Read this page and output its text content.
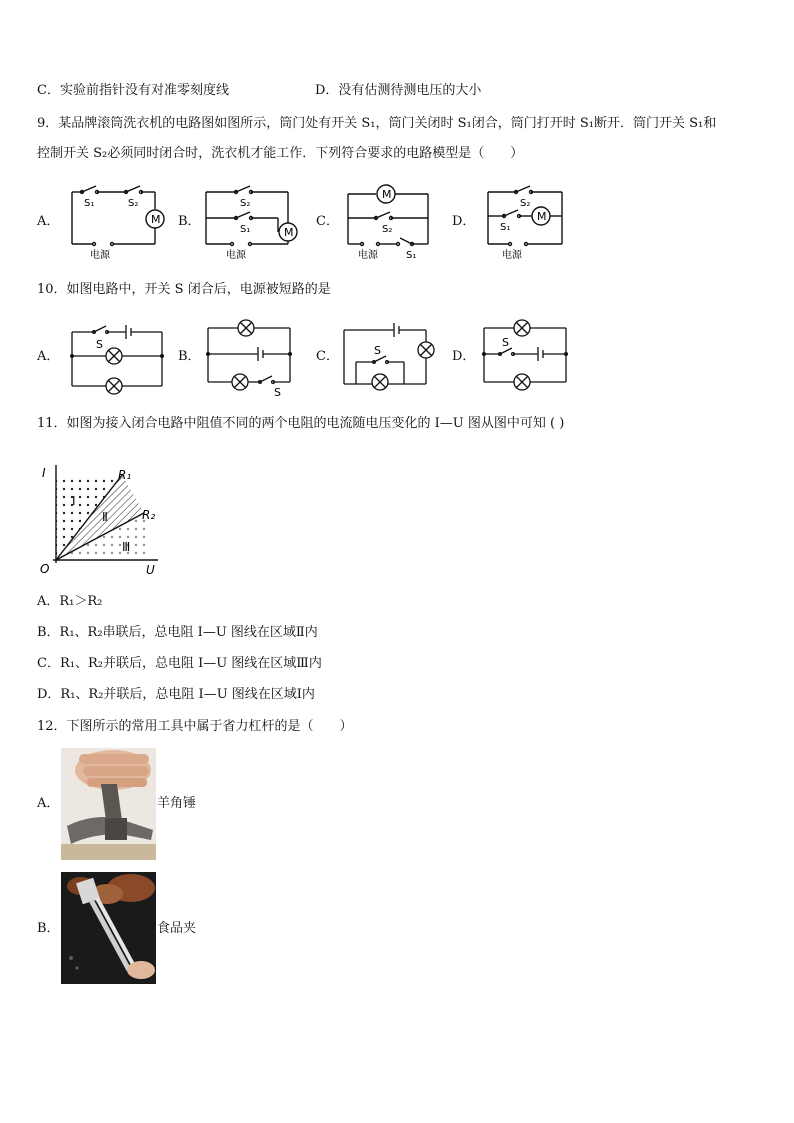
C．实验前指针没有对准零刻度线	D．没有估测待测电压的大小
9．某品牌滚筒洗衣机的电路图如图所示，筒门处有开关 S₁，筒门关闭时 S₁闭合，筒门打开时 S₁断开．筒门开关 S₁和
控制开关 S₂必须同时闭合时，洗衣机才能工作．下列符合要求的电路模型是（　　）
A．	M
S₁	S₂
电源
B．
M
S₂
S₁
电源
C．
M
S₂
S₁
电源
D．	M
S₂
S₁
电源
10．如图电路中，开关 S 闭合后，电源被短路的是
A．
S
B．
S
C．	S	D．
S
11．如图为接入闭合电路中阻值不同的两个电阻的电流随电压变化的 I—U 图从图中可知 ( )
I
U
O
R₁
R₂
Ⅰ
Ⅱ
Ⅲ
A．R₁＞R₂
B．R₁、R₂串联后，总电阻 I—U 图线在区域Ⅱ内
C．R₁、R₂并联后，总电阻 I—U 图线在区域Ⅲ内
D．R₁、R₂并联后，总电阻 I—U 图线在区域Ⅰ内
12．下图所示的常用工具中属于省力杠杆的是（　　）
A．	羊角锤
B．	食品夹
